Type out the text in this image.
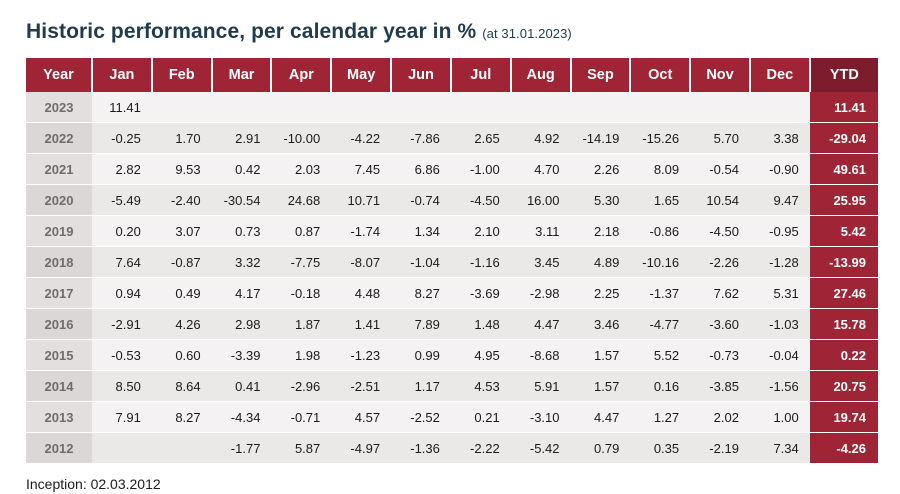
Historic performance, per calendar year in % (at 31.01.2023)
Year	Jan	Feb	Mar	Apr	May	Jun	Jul	Aug	Sep	Oct	Nov	Dec	YTD
2023	11.41												11.41
2022	-0.25	1.70	2.91	-10.00	-4.22	-7.86	2.65	4.92	-14.19	-15.26	5.70	3.38	-29.04
2021	2.82	9.53	0.42	2.03	7.45	6.86	-1.00	4.70	2.26	8.09	-0.54	-0.90	49.61
2020	-5.49	-2.40	-30.54	24.68	10.71	-0.74	-4.50	16.00	5.30	1.65	10.54	9.47	25.95
2019	0.20	3.07	0.73	0.87	-1.74	1.34	2.10	3.11	2.18	-0.86	-4.50	-0.95	5.42
2018	7.64	-0.87	3.32	-7.75	-8.07	-1.04	-1.16	3.45	4.89	-10.16	-2.26	-1.28	-13.99
2017	0.94	0.49	4.17	-0.18	4.48	8.27	-3.69	-2.98	2.25	-1.37	7.62	5.31	27.46
2016	-2.91	4.26	2.98	1.87	1.41	7.89	1.48	4.47	3.46	-4.77	-3.60	-1.03	15.78
2015	-0.53	0.60	-3.39	1.98	-1.23	0.99	4.95	-8.68	1.57	5.52	-0.73	-0.04	0.22
2014	8.50	8.64	0.41	-2.96	-2.51	1.17	4.53	5.91	1.57	0.16	-3.85	-1.56	20.75
2013	7.91	8.27	-4.34	-0.71	4.57	-2.52	0.21	-3.10	4.47	1.27	2.02	1.00	19.74
2012			-1.77	5.87	-4.97	-1.36	-2.22	-5.42	0.79	0.35	-2.19	7.34	-4.26
Inception: 02.03.2012
